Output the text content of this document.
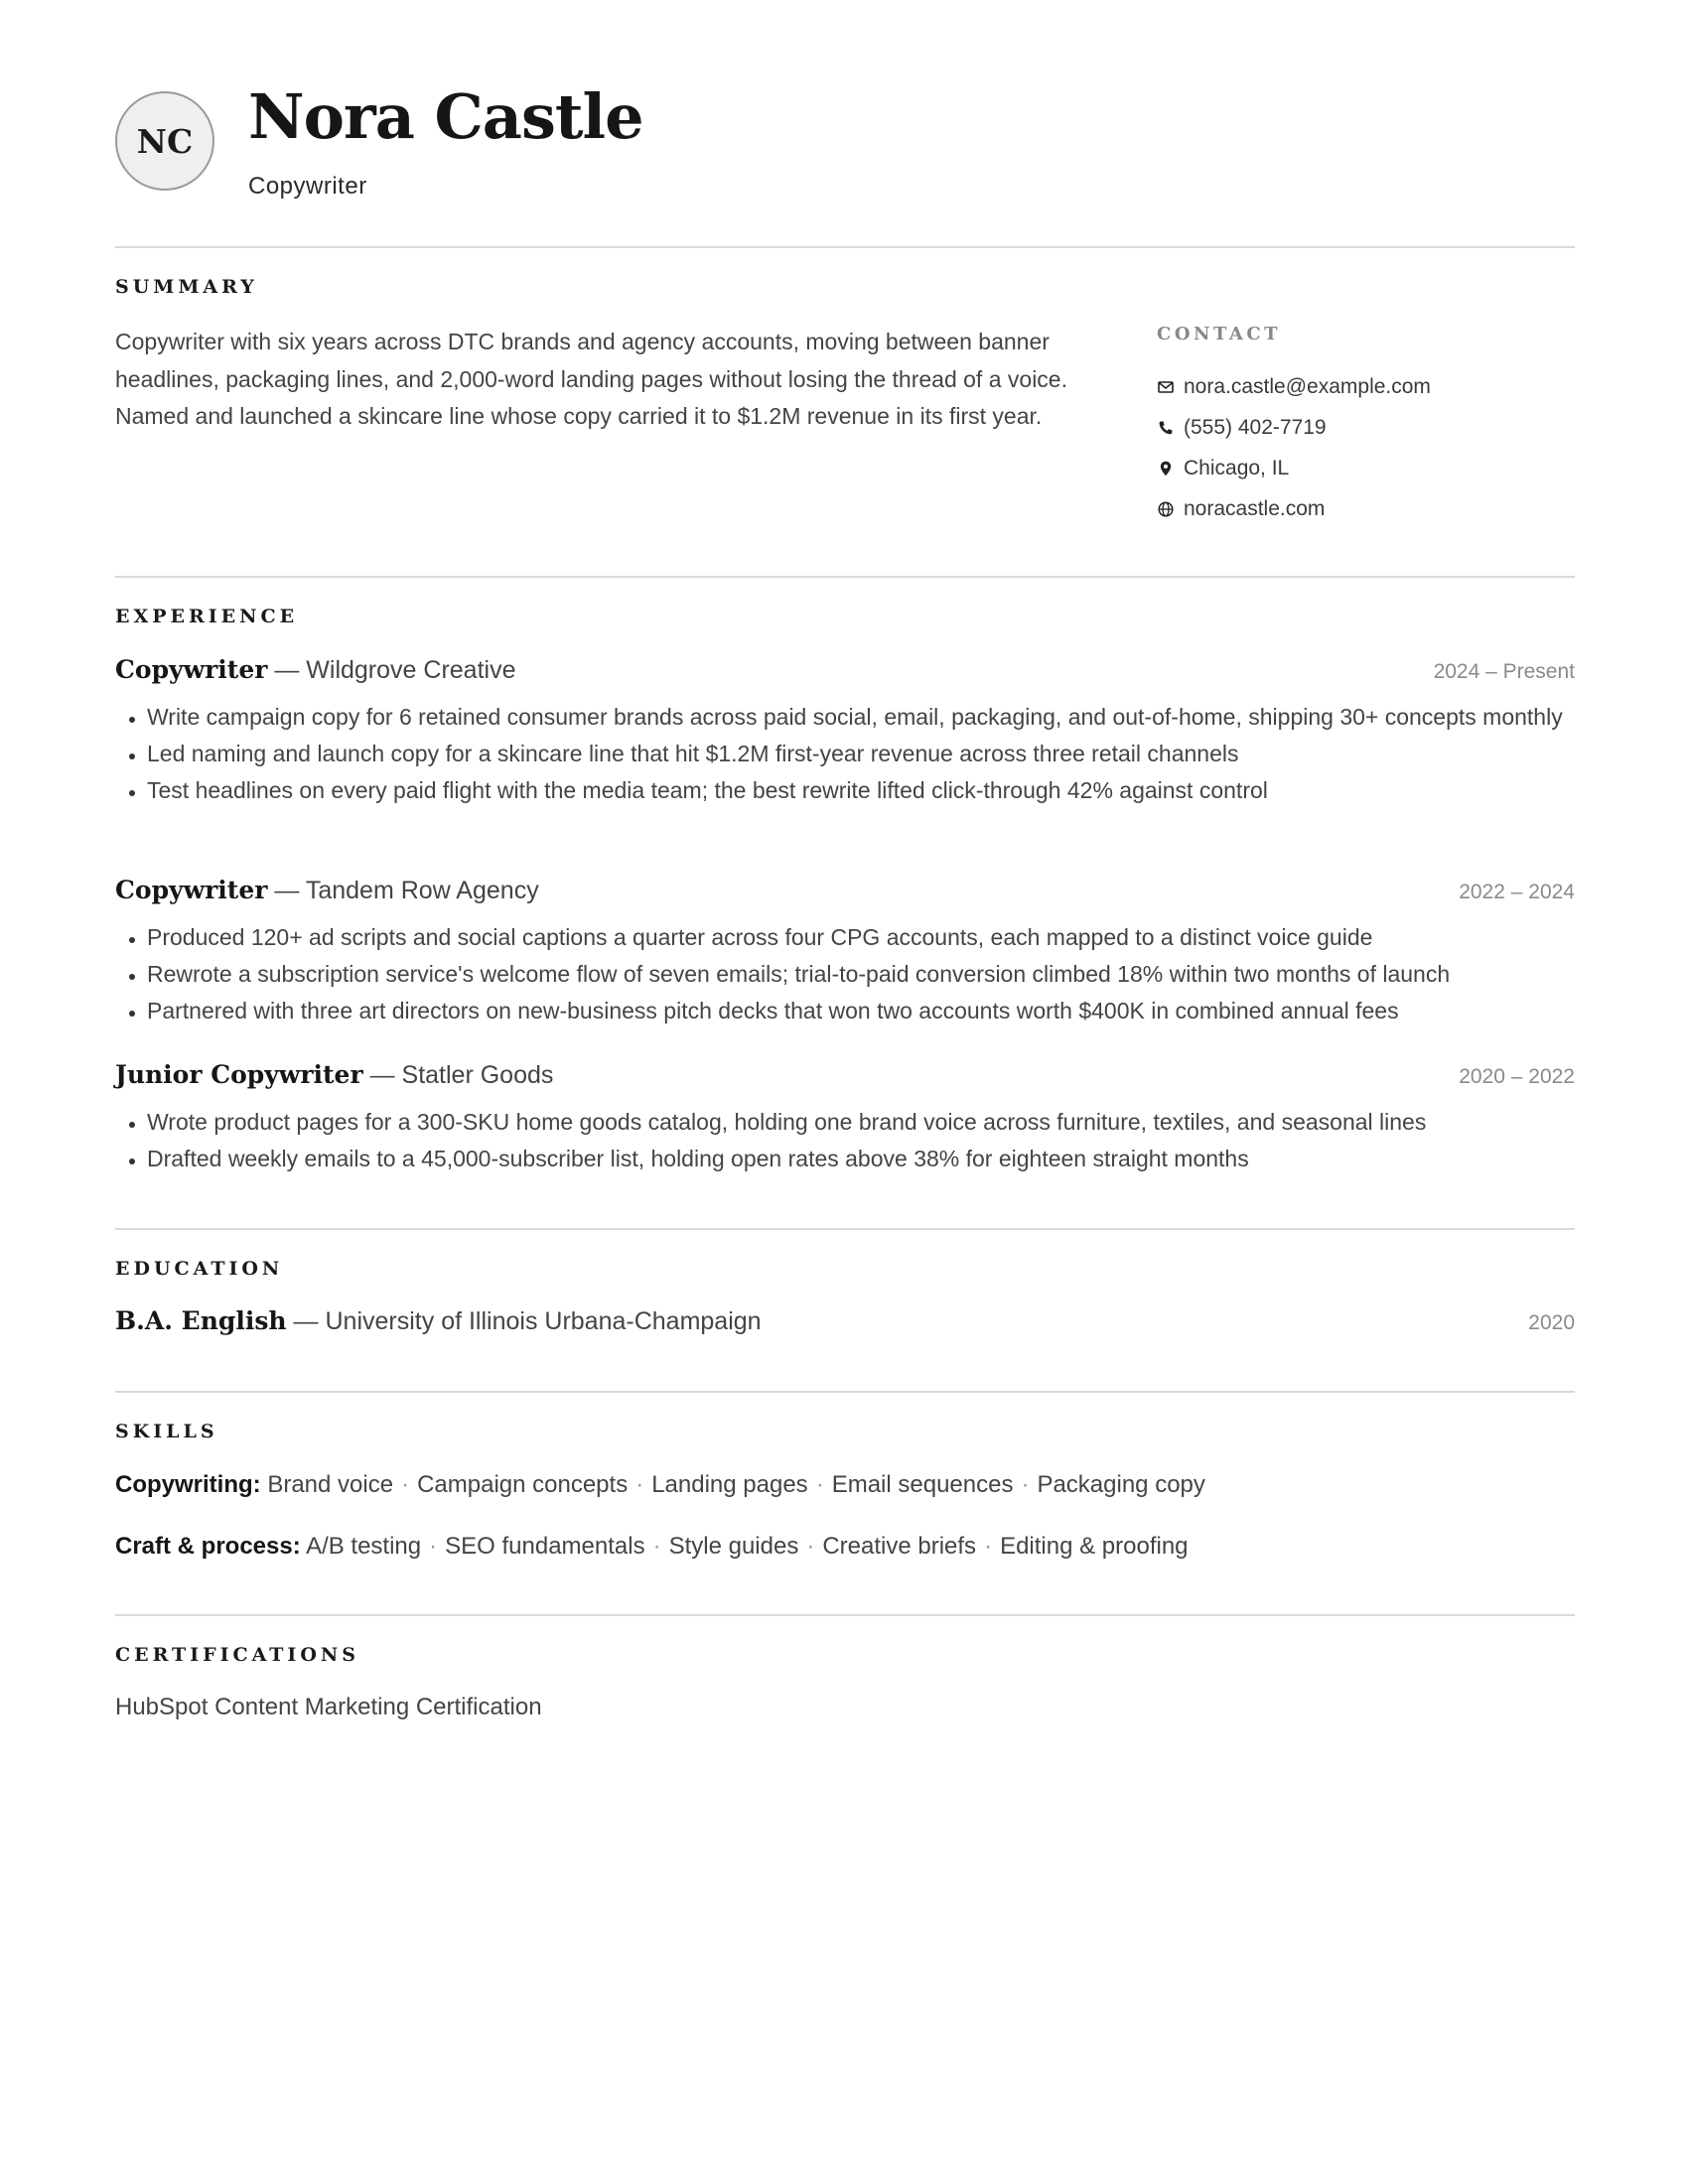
NC Nora Castle
Copywriter
SUMMARY
Copywriter with six years across DTC brands and agency accounts, moving between banner headlines, packaging lines, and 2,000-word landing pages without losing the thread of a voice. Named and launched a skincare line whose copy carried it to $1.2M revenue in its first year.
CONTACT
nora.castle@example.com
(555) 402-7719
Chicago, IL
noracastle.com
EXPERIENCE
Copywriter — Wildgrove Creative	2024 – Present
• Write campaign copy for 6 retained consumer brands across paid social, email, packaging, and out-of-home, shipping 30+ concepts monthly
• Led naming and launch copy for a skincare line that hit $1.2M first-year revenue across three retail channels
• Test headlines on every paid flight with the media team; the best rewrite lifted click-through 42% against control
Copywriter — Tandem Row Agency	2022 – 2024
• Produced 120+ ad scripts and social captions a quarter across four CPG accounts, each mapped to a distinct voice guide
• Rewrote a subscription service's welcome flow of seven emails; trial-to-paid conversion climbed 18% within two months of launch
• Partnered with three art directors on new-business pitch decks that won two accounts worth $400K in combined annual fees
Junior Copywriter — Statler Goods	2020 – 2022
• Wrote product pages for a 300-SKU home goods catalog, holding one brand voice across furniture, textiles, and seasonal lines
• Drafted weekly emails to a 45,000-subscriber list, holding open rates above 38% for eighteen straight months
EDUCATION
B.A. English — University of Illinois Urbana-Champaign	2020
SKILLS
Copywriting: Brand voice · Campaign concepts · Landing pages · Email sequences · Packaging copy
Craft & process: A/B testing · SEO fundamentals · Style guides · Creative briefs · Editing & proofing
CERTIFICATIONS
HubSpot Content Marketing Certification
